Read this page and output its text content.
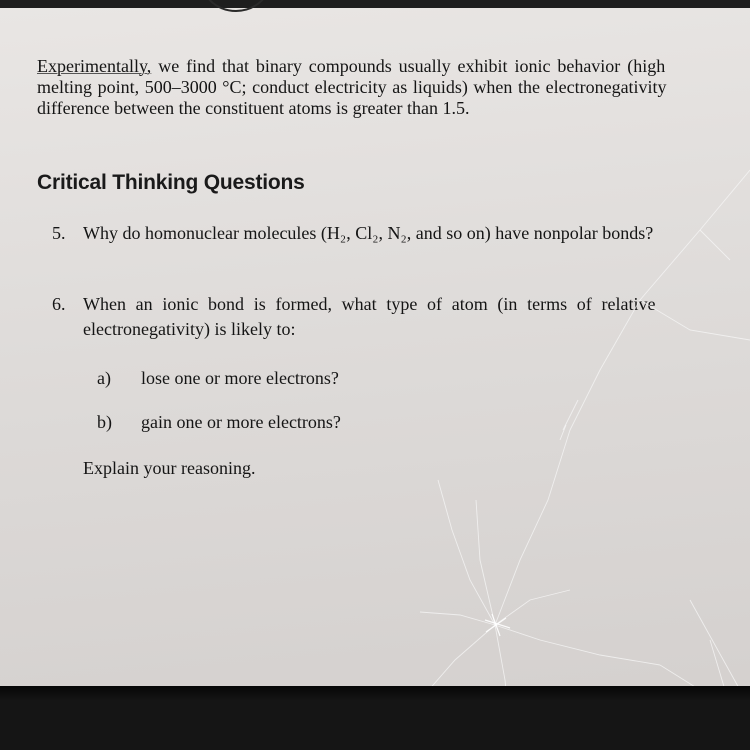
Experimentally, we find that binary compounds usually exhibit ionic behavior (high
melting point, 500–3000 °C; conduct electricity as liquids) when the electronegativity
difference between the constituent atoms is greater than 1.5.

Critical Thinking Questions
5. Why do homonuclear molecules (H₂, Cl₂, N₂, and so on) have nonpolar bonds?
6. When an ionic bond is formed, what type of atom (in terms of relative
electronegativity) is likely to:
a) lose one or more electrons?
b) gain one or more electrons?

Explain your reasoning.
